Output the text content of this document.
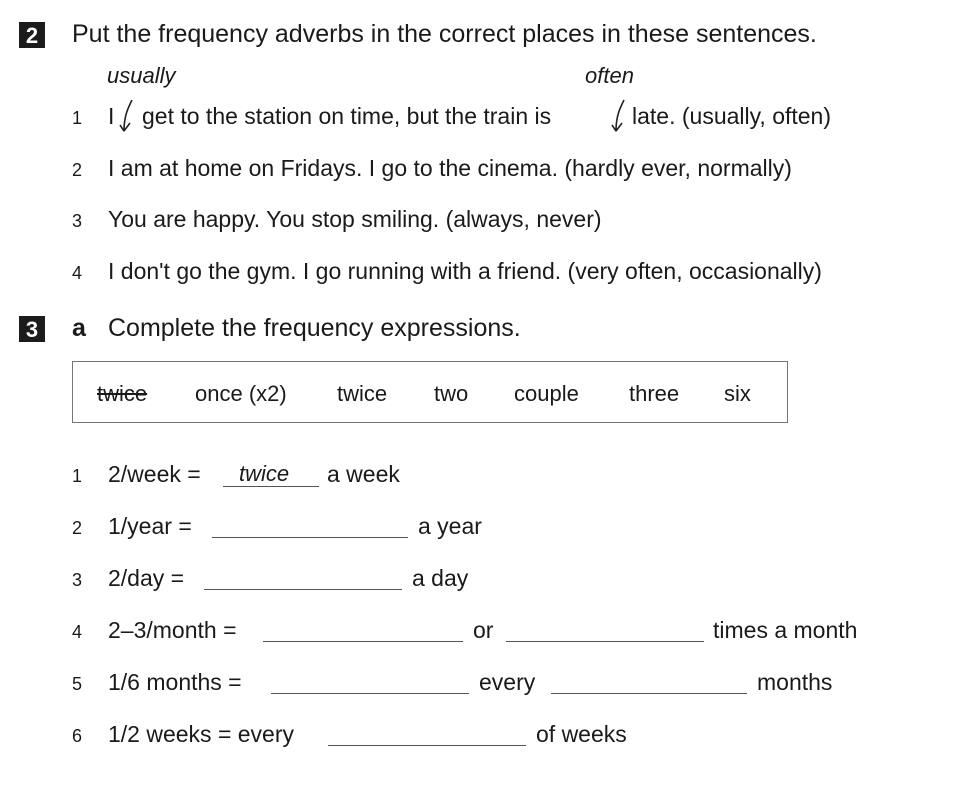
2 Put the frequency adverbs in the correct places in these sentences.
usually	often
1 I get to the station on time, but the train is	late. (usually, often)
2 I am at home on Fridays. I go to the cinema. (hardly ever, normally)
3 You are happy. You stop smiling. (always, never)
4 I don't go the gym. I go running with a friend. (very often, occasionally)
3 a Complete the frequency expressions.
twice once (x2) twice two couple three six
1 2/week = twice a week
2 1/year =	a year
3 2/day =	a day
4 2–3/month =	or	times a month
5 1/6 months =	every	months
6 1/2 weeks = every	of weeks
